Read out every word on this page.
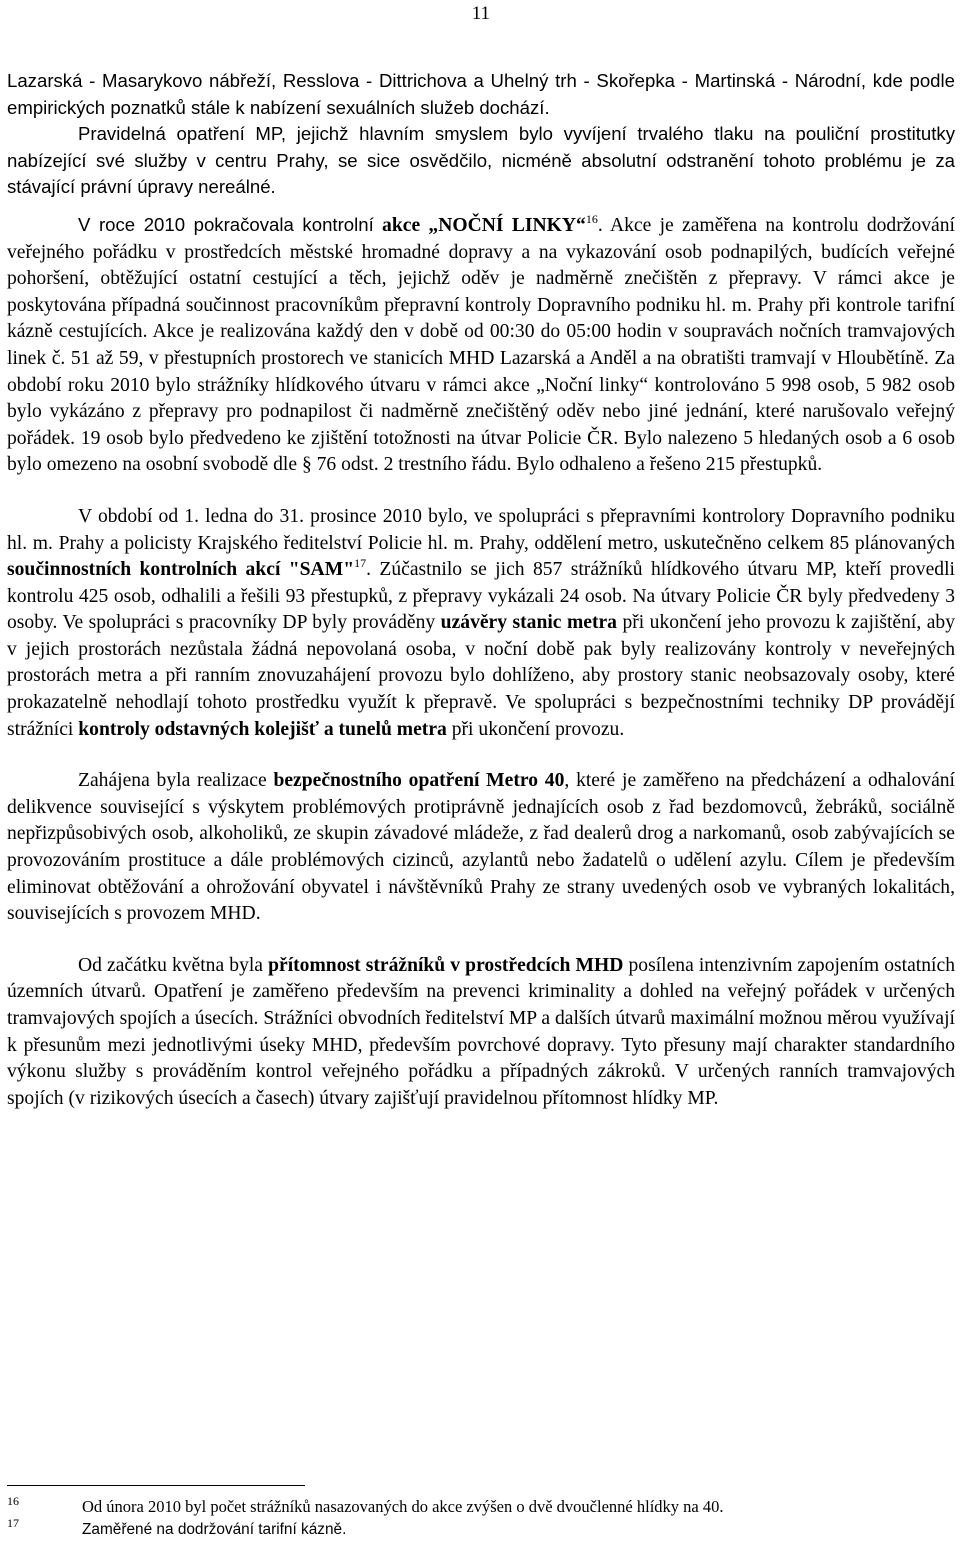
11

Lazarská - Masarykovo nábřeží, Resslova - Dittrichova a Uhelný trh - Skořepka - Martinská - Národní, kde podle empirických poznatků stále k nabízení sexuálních služeb dochází.

Pravidelná opatření MP, jejichž hlavním smyslem bylo vyvíjení trvalého tlaku na pouliční prostitutky nabízející své služby v centru Prahy, se sice osvědčilo, nicméně absolutní odstranění tohoto problému je za stávající právní úpravy nereálné.

V roce 2010 pokračovala kontrolní akce „NOČNÍ LINKY“$^{16}$. Akce je zaměřena na kontrolu dodržování veřejného pořádku v prostředcích městské hromadné dopravy a na vykazování osob podnapilých, budících veřejné pohoršení, obtěžující ostatní cestující a těch, jejichž oděv je nadměrně znečištěn z přepravy. V rámci akce je poskytována případná součinnost pracovníkům přepravní kontroly Dopravního podniku hl. m. Prahy při kontrole tarifní kázně cestujících. Akce je realizována každý den v době od 00:30 do 05:00 hodin v soupravách nočních tramvajových linek č. 51 až 59, v přestupních prostorech ve stanicích MHD Lazarská a Anděl a na obratišti tramvají v Hloubětíně. Za období roku 2010 bylo strážníky hlídkového útvaru v rámci akce „Noční linky“ kontrolováno 5 998 osob, 5 982 osob bylo vykázáno z přepravy pro podnapilost či nadměrně znečištěný oděv nebo jiné jednání, které narušovalo veřejný pořádek. 19 osob bylo předvedeno ke zjištění totožnosti na útvar Policie ČR. Bylo nalezeno 5 hledaných osob a 6 osob bylo omezeno na osobní svobodě dle § 76 odst. 2 trestního řádu. Bylo odhaleno a řešeno 215 přestupků.

V období od 1. ledna do 31. prosince 2010 bylo, ve spolupráci s přepravními kontrolory Dopravního podniku hl. m. Prahy a policisty Krajského ředitelství Policie hl. m. Prahy, oddělení metro, uskutečněno celkem 85 plánovaných součinnostních kontrolních akcí "SAM"$^{17}$. Zúčastnilo se jich 857 strážníků hlídkového útvaru MP, kteří provedli kontrolu 425 osob, odhalili a řešili 93 přestupků, z přepravy vykázali 24 osob. Na útvary Policie ČR byly předvedeny 3 osoby. Ve spolupráci s pracovníky DP byly prováděny uzávěry stanic metra při ukončení jeho provozu k zajištění, aby v jejich prostorách nezůstala žádná nepovolaná osoba, v noční době pak byly realizovány kontroly v neveřejných prostorách metra a při ranním znovuzahájení provozu bylo dohlíženo, aby prostory stanic neobsazovaly osoby, které prokazatelně nehodlají tohoto prostředku využít k přepravě. Ve spolupráci s bezpečnostními techniky DP provádějí strážníci kontroly odstavných kolejišť a tunelů metra při ukončení provozu.

Zahájena byla realizace bezpečnostního opatření Metro 40, které je zaměřeno na předcházení a odhalování delikvence související s výskytem problémových protiprávně jednajících osob z řad bezdomovců, žebráků, sociálně nepřizpůsobivých osob, alkoholiků, ze skupin závadové mládeže, z řad dealerů drog a narkomanů, osob zabývajících se provozováním prostituce a dále problémových cizinců, azylantů nebo žadatelů o udělení azylu. Cílem je především eliminovat obtěžování a ohrožování obyvatel i návštěvníků Prahy ze strany uvedených osob ve vybraných lokalitách, souvisejících s provozem MHD.

Od začátku května byla přítomnost strážníků v prostředcích MHD posílena intenzivním zapojením ostatních územních útvarů. Opatření je zaměřeno především na prevenci kriminality a dohled na veřejný pořádek v určených tramvajových spojích a úsecích. Strážníci obvodních ředitelství MP a dalších útvarů maximální možnou měrou využívají k přesunům mezi jednotlivými úseky MHD, především povrchové dopravy. Tyto přesuny mají charakter standardního výkonu služby s prováděním kontrol veřejného pořádku a případných zákroků. V určených ranních tramvajových spojích (v rizikových úsecích a časech) útvary zajišťují pravidelnou přítomnost hlídky MP.

16	Od února 2010 byl počet strážníků nasazovaných do akce zvýšen o dvě dvoučlenné hlídky na 40.
17	Zaměřené na dodržování tarifní kázně.
